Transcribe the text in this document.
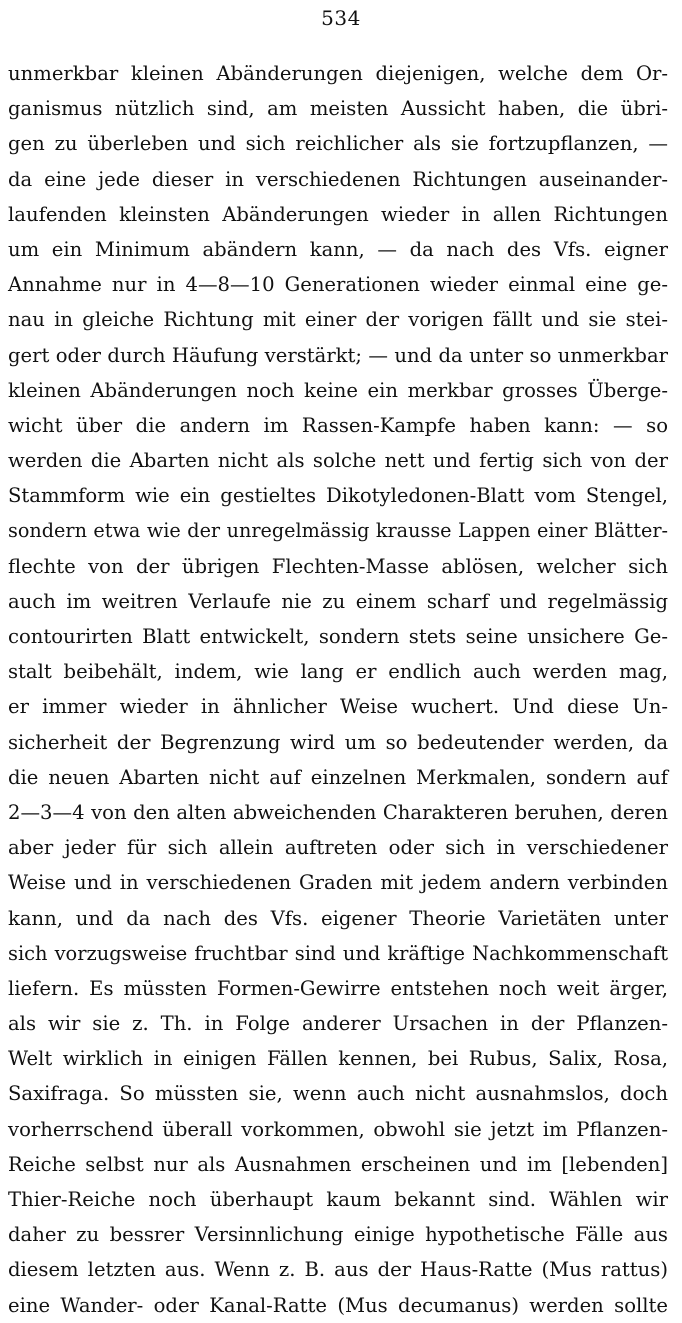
534
unmerkbar kleinen Abänderungen diejenigen, welche dem Or-
ganismus nützlich sind, am meisten Aussicht haben, die übri-
gen zu überleben und sich reichlicher als sie fortzupflanzen, —
da eine jede dieser in verschiedenen Richtungen auseinander-
laufenden kleinsten Abänderungen wieder in allen Richtungen
um ein Minimum abändern kann, — da nach des Vfs. eigner
Annahme nur in 4—8—10 Generationen wieder einmal eine ge-
nau in gleiche Richtung mit einer der vorigen fällt und sie stei-
gert oder durch Häufung verstärkt; — und da unter so unmerkbar
kleinen Abänderungen noch keine ein merkbar grosses Überge-
wicht über die andern im Rassen-Kampfe haben kann: — so
werden die Abarten nicht als solche nett und fertig sich von der
Stammform wie ein gestieltes Dikotyledonen-Blatt vom Stengel,
sondern etwa wie der unregelmässig krausse Lappen einer Blätter-
flechte von der übrigen Flechten-Masse ablösen, welcher sich
auch im weitren Verlaufe nie zu einem scharf und regelmässig
contourirten Blatt entwickelt, sondern stets seine unsichere Ge-
stalt beibehält, indem, wie lang er endlich auch werden mag,
er immer wieder in ähnlicher Weise wuchert. Und diese Un-
sicherheit der Begrenzung wird um so bedeutender werden, da
die neuen Abarten nicht auf einzelnen Merkmalen, sondern auf
2—3—4 von den alten abweichenden Charakteren beruhen, deren
aber jeder für sich allein auftreten oder sich in verschiedener
Weise und in verschiedenen Graden mit jedem andern verbinden
kann, und da nach des Vfs. eigener Theorie Varietäten unter
sich vorzugsweise fruchtbar sind und kräftige Nachkommenschaft
liefern. Es müssten Formen-Gewirre entstehen noch weit ärger,
als wir sie z. Th. in Folge anderer Ursachen in der Pflanzen-
Welt wirklich in einigen Fällen kennen, bei Rubus, Salix, Rosa,
Saxifraga. So müssten sie, wenn auch nicht ausnahmslos, doch
vorherrschend überall vorkommen, obwohl sie jetzt im Pflanzen-
Reiche selbst nur als Ausnahmen erscheinen und im [lebenden]
Thier-Reiche noch überhaupt kaum bekannt sind. Wählen wir
daher zu bessrer Versinnlichung einige hypothetische Fälle aus
diesem letzten aus. Wenn z. B. aus der Haus-Ratte (Mus rattus)
eine Wander- oder Kanal-Ratte (Mus decumanus) werden sollte
